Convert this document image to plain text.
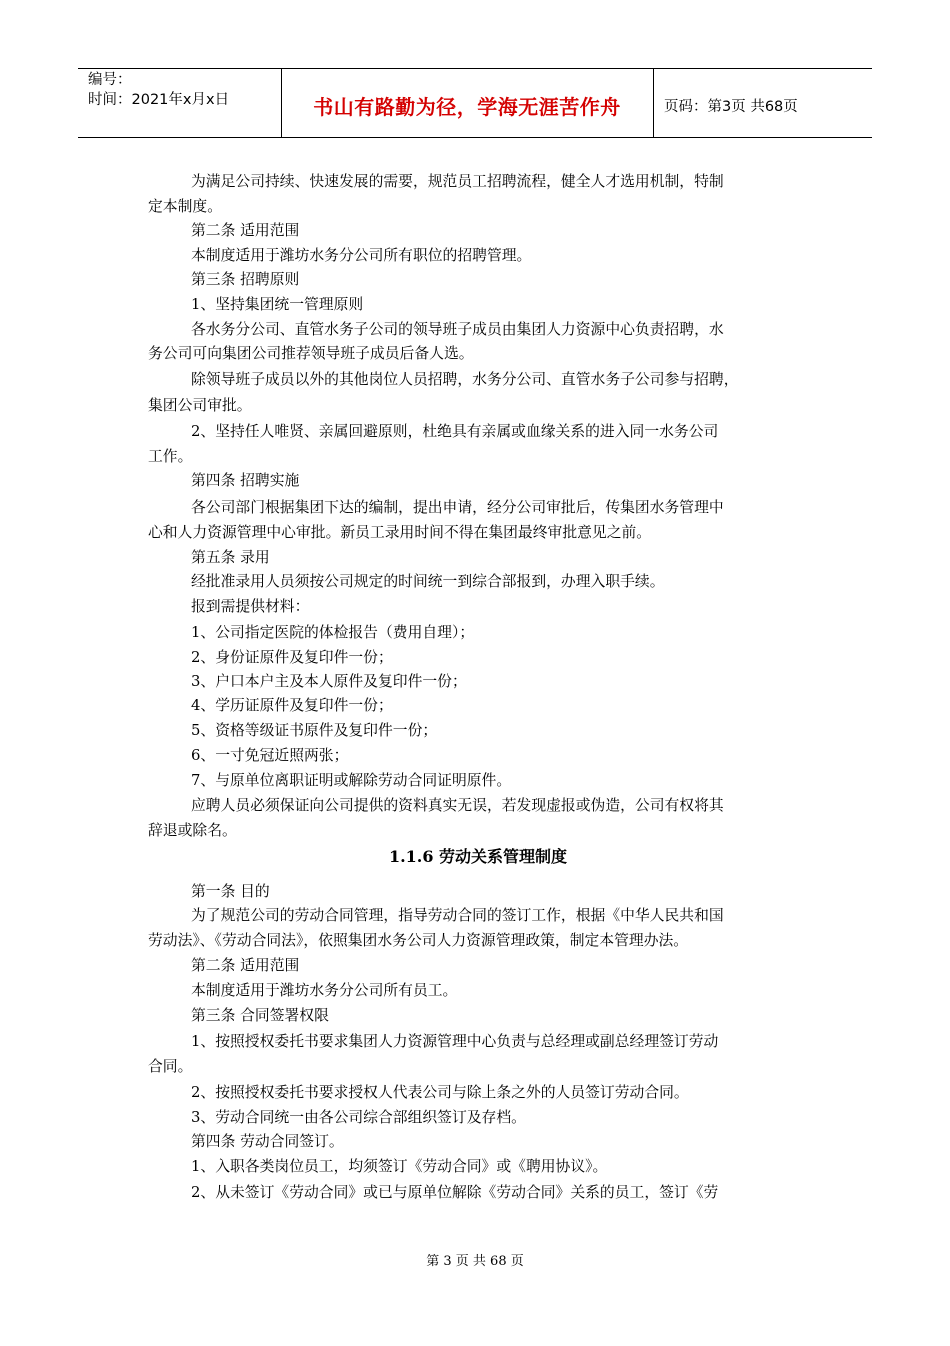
编号：
时间：2021年x月x日	书山有路勤为径，学海无涯苦作舟	页码：第3页 共68页
为满足公司持续、快速发展的需要，规范员工招聘流程，健全人才选用机制，特制
定本制度。
第二条 适用范围
本制度适用于潍坊水务分公司所有职位的招聘管理。
第三条 招聘原则
1、坚持集团统一管理原则
各水务分公司、直管水务子公司的领导班子成员由集团人力资源中心负责招聘，水
务公司可向集团公司推荐领导班子成员后备人选。
除领导班子成员以外的其他岗位人员招聘，水务分公司、直管水务子公司参与招聘，
集团公司审批。
2、坚持任人唯贤、亲属回避原则，杜绝具有亲属或血缘关系的进入同一水务公司
工作。
第四条 招聘实施
各公司部门根据集团下达的编制，提出申请，经分公司审批后，传集团水务管理中
心和人力资源管理中心审批。新员工录用时间不得在集团最终审批意见之前。
第五条 录用
经批准录用人员须按公司规定的时间统一到综合部报到，办理入职手续。
报到需提供材料：
1、公司指定医院的体检报告（费用自理）；
2、身份证原件及复印件一份；
3、户口本户主及本人原件及复印件一份；
4、学历证原件及复印件一份；
5、资格等级证书原件及复印件一份；
6、一寸免冠近照两张；
7、与原单位离职证明或解除劳动合同证明原件。
应聘人员必须保证向公司提供的资料真实无误，若发现虚报或伪造，公司有权将其
辞退或除名。
1.1.6 劳动关系管理制度
第一条 目的
为了规范公司的劳动合同管理，指导劳动合同的签订工作，根据《中华人民共和国
劳动法》、《劳动合同法》，依照集团水务公司人力资源管理政策，制定本管理办法。
第二条 适用范围
本制度适用于潍坊水务分公司所有员工。
第三条 合同签署权限
1、按照授权委托书要求集团人力资源管理中心负责与总经理或副总经理签订劳动
合同。
2、按照授权委托书要求授权人代表公司与除上条之外的人员签订劳动合同。
3、劳动合同统一由各公司综合部组织签订及存档。
第四条 劳动合同签订。
1、入职各类岗位员工，均须签订《劳动合同》或《聘用协议》。
2、从未签订《劳动合同》或已与原单位解除《劳动合同》关系的员工，签订《劳
第 3 页 共 68 页
